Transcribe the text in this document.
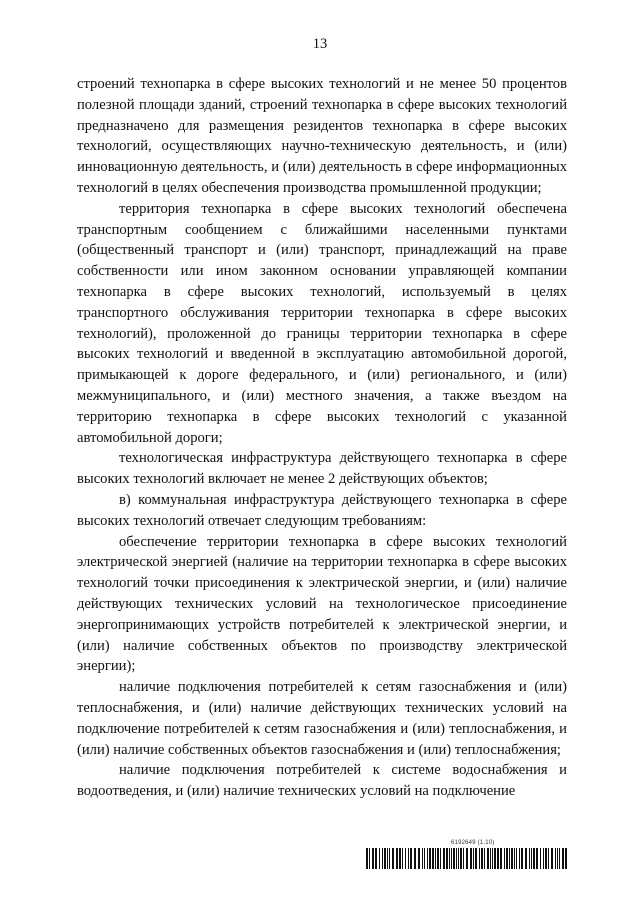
13

строений технопарка в сфере высоких технологий и не менее 50 процентов полезной площади зданий, строений технопарка в сфере высоких технологий предназначено для размещения резидентов технопарка в сфере высоких технологий, осуществляющих научно-техническую деятельность, и (или) инновационную деятельность, и (или) деятельность в сфере информационных технологий в целях обеспечения производства промышленной продукции;

территория технопарка в сфере высоких технологий обеспечена транспортным сообщением с ближайшими населенными пунктами (общественный транспорт и (или) транспорт, принадлежащий на праве собственности или ином законном основании управляющей компании технопарка в сфере высоких технологий, используемый в целях транспортного обслуживания территории технопарка в сфере высоких технологий), проложенной до границы территории технопарка в сфере высоких технологий и введенной в эксплуатацию автомобильной дорогой, примыкающей к дороге федерального, и (или) регионального, и (или) межмуниципального, и (или) местного значения, а также въездом на территорию технопарка в сфере высоких технологий с указанной автомобильной дороги;

технологическая инфраструктура действующего технопарка в сфере высоких технологий включает не менее 2 действующих объектов;

в) коммунальная инфраструктура действующего технопарка в сфере высоких технологий отвечает следующим требованиям:

обеспечение территории технопарка в сфере высоких технологий электрической энергией (наличие на территории технопарка в сфере высоких технологий точки присоединения к электрической энергии, и (или) наличие действующих технических условий на технологическое присоединение энергопринимающих устройств потребителей к электрической энергии, и (или) наличие собственных объектов по производству электрической энергии);

наличие подключения потребителей к сетям газоснабжения и (или) теплоснабжения, и (или) наличие действующих технических условий на подключение потребителей к сетям газоснабжения и (или) теплоснабжения, и (или) наличие собственных объектов газоснабжения и (или) теплоснабжения;

наличие подключения потребителей к системе водоснабжения и водоотведения, и (или) наличие технических условий на подключение

6192649 (1.10)
